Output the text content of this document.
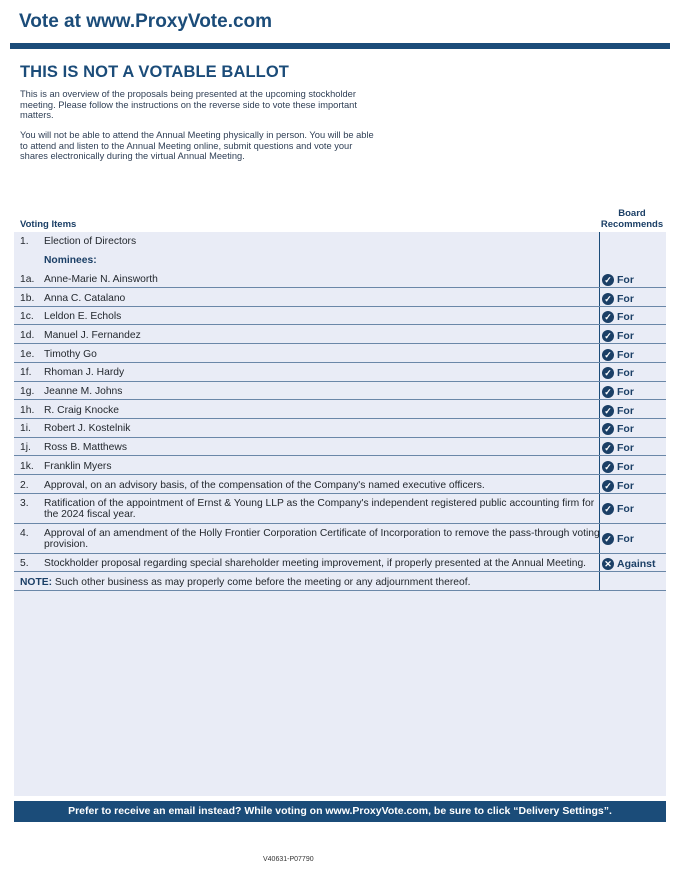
Vote at www.ProxyVote.com
THIS IS NOT A VOTABLE BALLOT
This is an overview of the proposals being presented at the upcoming stockholder meeting. Please follow the instructions on the reverse side to vote these important matters.
You will not be able to attend the Annual Meeting physically in person. You will be able to attend and listen to the Annual Meeting online, submit questions and vote your shares electronically during the virtual Annual Meeting.
Voting Items
Board Recommends
1. Election of Directors
Nominees:
1a. Anne-Marie N. Ainsworth	✓ For
1b. Anna C. Catalano	✓ For
1c. Leldon E. Echols	✓ For
1d. Manuel J. Fernandez	✓ For
1e. Timothy Go	✓ For
1f. Rhoman J. Hardy	✓ For
1g. Jeanne M. Johns	✓ For
1h. R. Craig Knocke	✓ For
1i. Robert J. Kostelnik	✓ For
1j. Ross B. Matthews	✓ For
1k. Franklin Myers	✓ For
2. Approval, on an advisory basis, of the compensation of the Company's named executive officers.	✓ For
3. Ratification of the appointment of Ernst & Young LLP as the Company's independent registered public accounting firm for the 2024 fiscal year.	✓ For
4. Approval of an amendment of the Holly Frontier Corporation Certificate of Incorporation to remove the pass-through voting provision.	✓ For
5. Stockholder proposal regarding special shareholder meeting improvement, if properly presented at the Annual Meeting.	✕ Against
NOTE: Such other business as may properly come before the meeting or any adjournment thereof.
Prefer to receive an email instead? While voting on www.ProxyVote.com, be sure to click “Delivery Settings”.
V40631-P07790
